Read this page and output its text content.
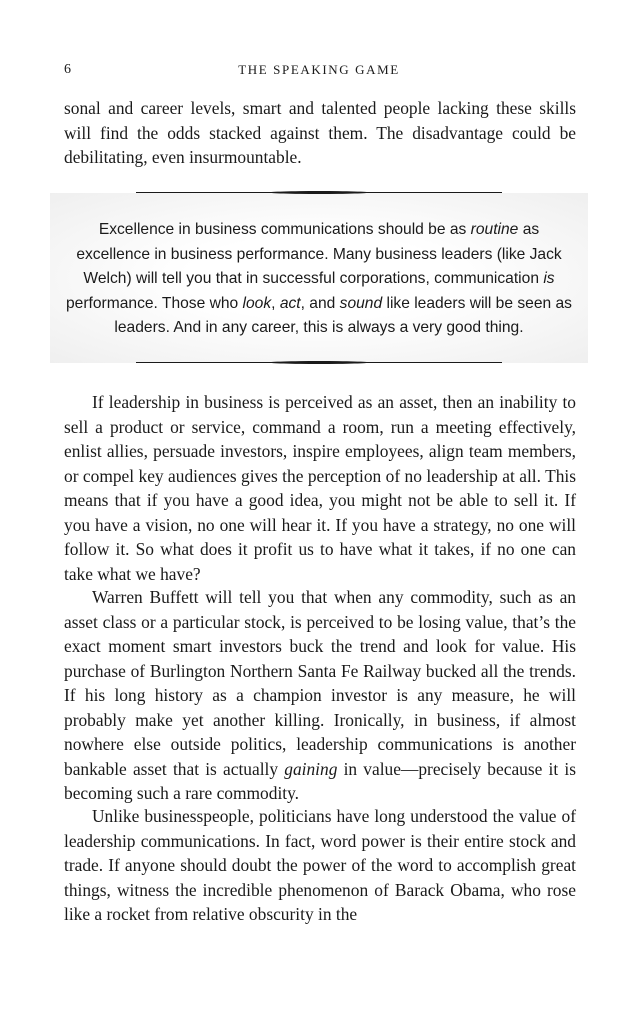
6	THE SPEAKING GAME

sonal and career levels, smart and talented people lacking these skills will find the odds stacked against them. The disadvantage could be debilitating, even insurmountable.

Excellence in business communications should be as routine as excellence in business performance. Many business leaders (like Jack Welch) will tell you that in successful corporations, communication is performance. Those who look, act, and sound like leaders will be seen as leaders. And in any career, this is always a very good thing.

If leadership in business is perceived as an asset, then an inability to sell a product or service, command a room, run a meeting effectively, enlist allies, persuade investors, inspire employees, align team members, or compel key audiences gives the perception of no leadership at all. This means that if you have a good idea, you might not be able to sell it. If you have a vision, no one will hear it. If you have a strategy, no one will follow it. So what does it profit us to have what it takes, if no one can take what we have?

Warren Buffett will tell you that when any commodity, such as an asset class or a particular stock, is perceived to be losing value, that’s the exact moment smart investors buck the trend and look for value. His purchase of Burlington Northern Santa Fe Railway bucked all the trends. If his long history as a champion investor is any measure, he will probably make yet another killing. Ironically, in business, if almost nowhere else outside politics, leadership communications is another bankable asset that is actually gaining in value—precisely because it is becoming such a rare commodity.

Unlike businesspeople, politicians have long understood the value of leadership communications. In fact, word power is their entire stock and trade. If anyone should doubt the power of the word to accomplish great things, witness the incredible phenomenon of Barack Obama, who rose like a rocket from relative obscurity in the
